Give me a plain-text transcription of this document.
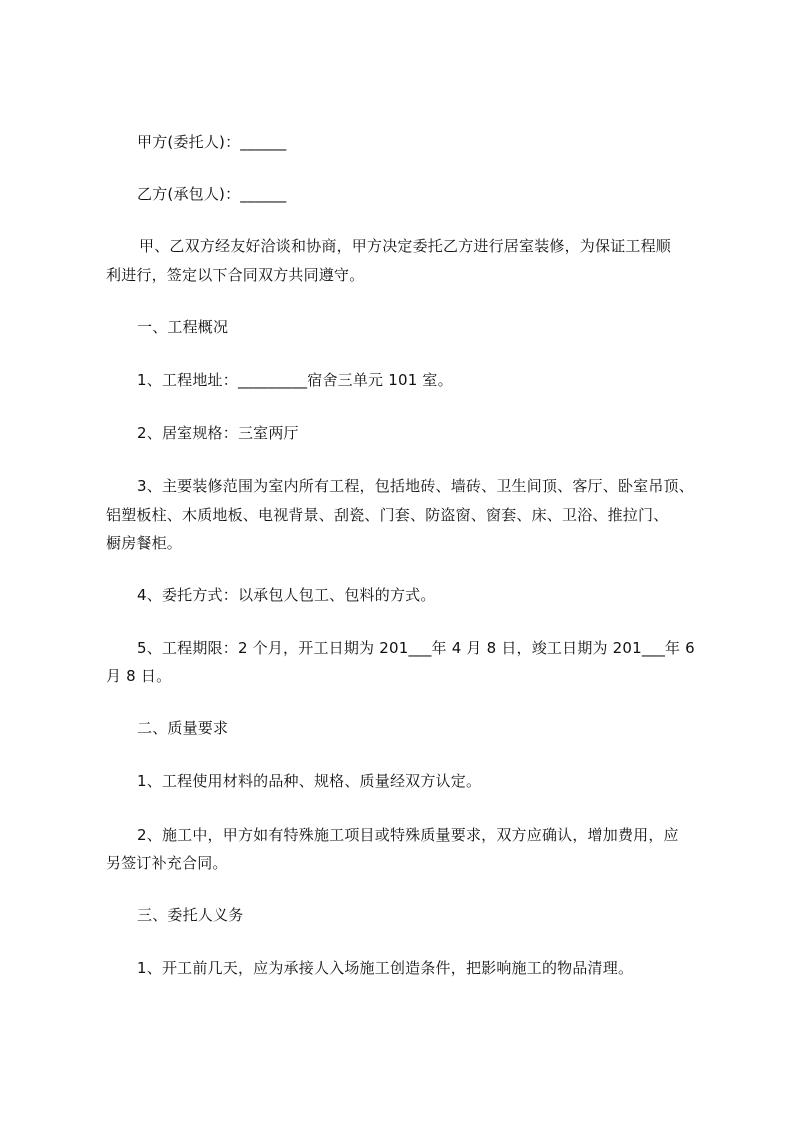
甲方(委托人)：______
乙方(承包人)：______
甲、乙双方经友好洽谈和协商，甲方决定委托乙方进行居室装修，为保证工程顺
利进行，签定以下合同双方共同遵守。
一、工程概况
1、工程地址：_________宿舍三单元 101 室。
2、居室规格：三室两厅
3、主要装修范围为室内所有工程，包括地砖、墙砖、卫生间顶、客厅、卧室吊顶、
铝塑板柱、木质地板、电视背景、刮瓷、门套、防盗窗、窗套、床、卫浴、推拉门、
橱房餐柜。
4、委托方式：以承包人包工、包料的方式。
5、工程期限：2 个月，开工日期为 201___年 4 月 8 日，竣工日期为 201___年 6
月 8 日。
二、质量要求
1、工程使用材料的品种、规格、质量经双方认定。
2、施工中，甲方如有特殊施工项目或特殊质量要求，双方应确认，增加费用，应
另签订补充合同。
三、委托人义务
1、开工前几天，应为承接人入场施工创造条件，把影响施工的物品清理。
